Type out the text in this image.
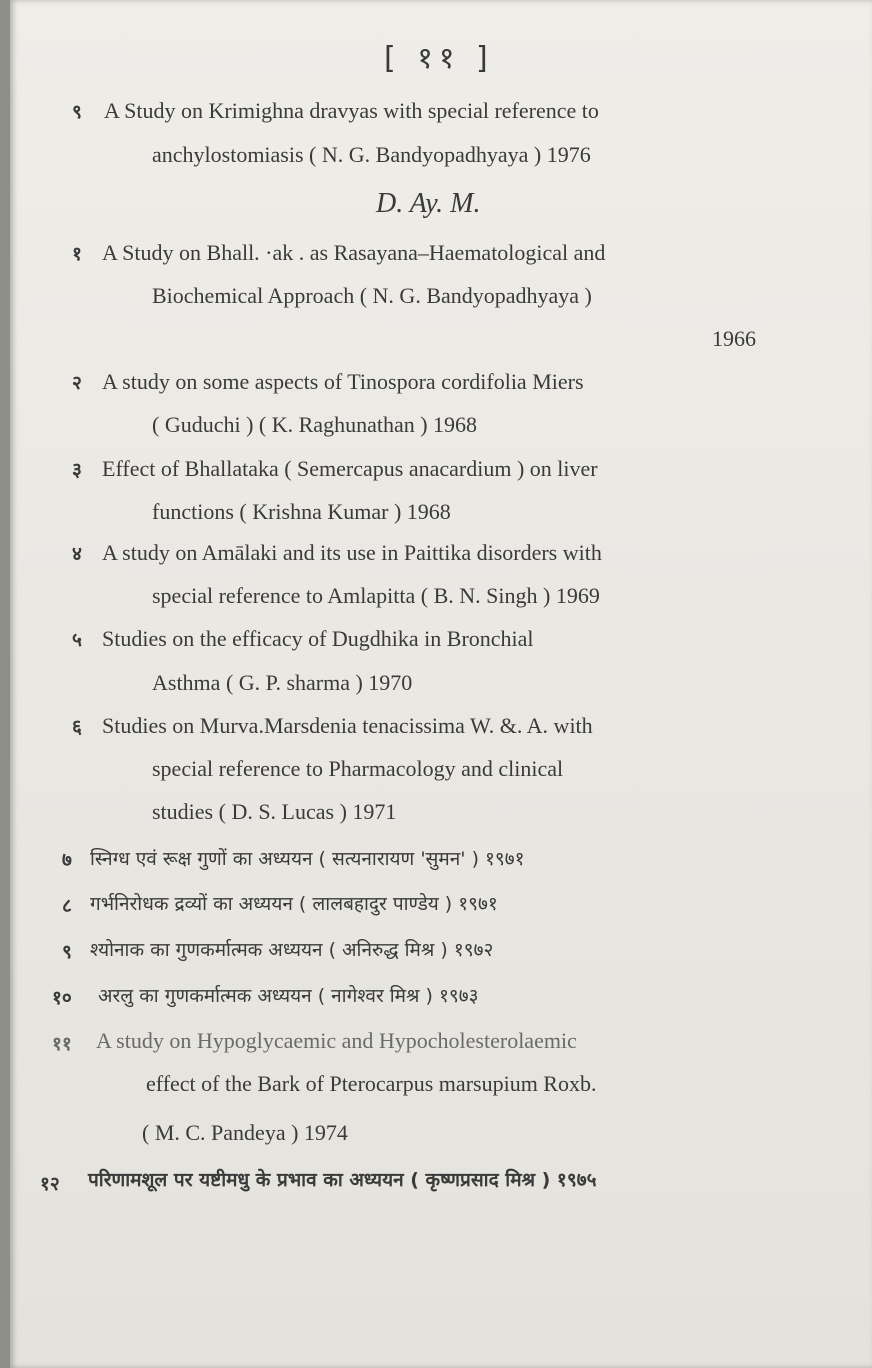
[ ११ ]
९ A Study on Krimighna dravyas with special reference to
anchylostomiasis ( N. G. Bandyopadhyaya ) 1976
D. Ay. M.
१ A Study on Bhall. ·ak . as Rasayana–Haematological and
Biochemical Approach ( N. G. Bandyopadhyaya )
1966
२ A study on some aspects of Tinospora cordifolia Miers
( Guduchi ) ( K. Raghunathan ) 1968
३ Effect of Bhallataka ( Semercapus anacardium ) on liver
functions ( Krishna Kumar ) 1968
४ A study on Amālaki and its use in Paittika disorders with
special reference to Amlapitta ( B. N. Singh ) 1969
५ Studies on the efficacy of Dugdhika in Bronchial
Asthma ( G. P. sharma ) 1970
६ Studies on Murva.Marsdenia tenacissima W. &. A. with
special reference to Pharmacology and clinical
studies ( D. S. Lucas ) 1971
७ स्निग्ध एवं रूक्ष गुणों का अध्ययन ( सत्यनारायण 'सुमन' ) १९७१
८ गर्भनिरोधक द्रव्यों का अध्ययन ( लालबहादुर पाण्डेय ) १९७१
९ श्योनाक का गुणकर्मात्मक अध्ययन ( अनिरुद्ध मिश्र ) १९७२
१० अरलु का गुणकर्मात्मक अध्ययन ( नागेश्वर मिश्र ) १९७३
११ A study on Hypoglycaemic and Hypocholesterolaemic
effect of the Bark of Pterocarpus marsupium Roxb.
( M. C. Pandeya ) 1974
१२ परिणामशूल पर यष्टीमधु के प्रभाव का अध्ययन ( कृष्णप्रसाद मिश्र ) १९७५
